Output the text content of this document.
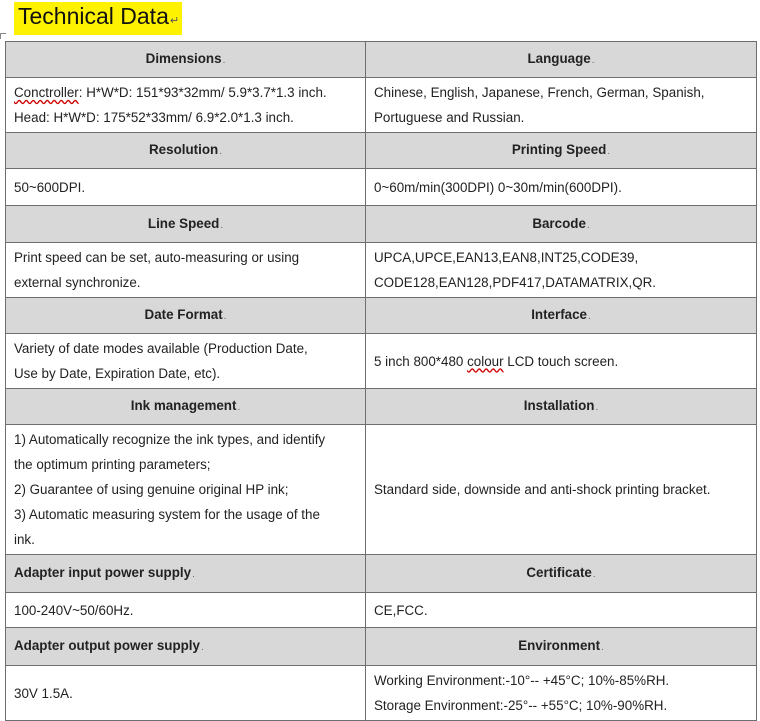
Technical Data↵
Dimensions.	Language.
Conctroller: H*W*D: 151*93*32mm/ 5.9*3.7*1.3 inch.
Head: H*W*D: 175*52*33mm/ 6.9*2.0*1.3 inch.	Chinese, English, Japanese, French, German, Spanish,
Portuguese and Russian.
Resolution.	Printing Speed.
50~600DPI.	0~60m/min(300DPI) 0~30m/min(600DPI).
Line Speed.	Barcode.
Print speed can be set, auto-measuring or using
external synchronize.	UPCA,UPCE,EAN13,EAN8,INT25,CODE39,
CODE128,EAN128,PDF417,DATAMATRIX,QR.
Date Format.	Interface.
Variety of date modes available (Production Date,
Use by Date, Expiration Date, etc).	5 inch 800*480 colour LCD touch screen.
Ink management.	Installation.
1) Automatically recognize the ink types, and identify
the optimum printing parameters;
2) Guarantee of using genuine original HP ink;
3) Automatic measuring system for the usage of the
ink.	Standard side, downside and anti-shock printing bracket.
Adapter input power supply.	Certificate.
100-240V~50/60Hz.	CE,FCC.
Adapter output power supply.	Environment.
30V 1.5A.	Working Environment:-10°-- +45°C; 10%-85%RH.
Storage Environment:-25°-- +55°C; 10%-90%RH.
